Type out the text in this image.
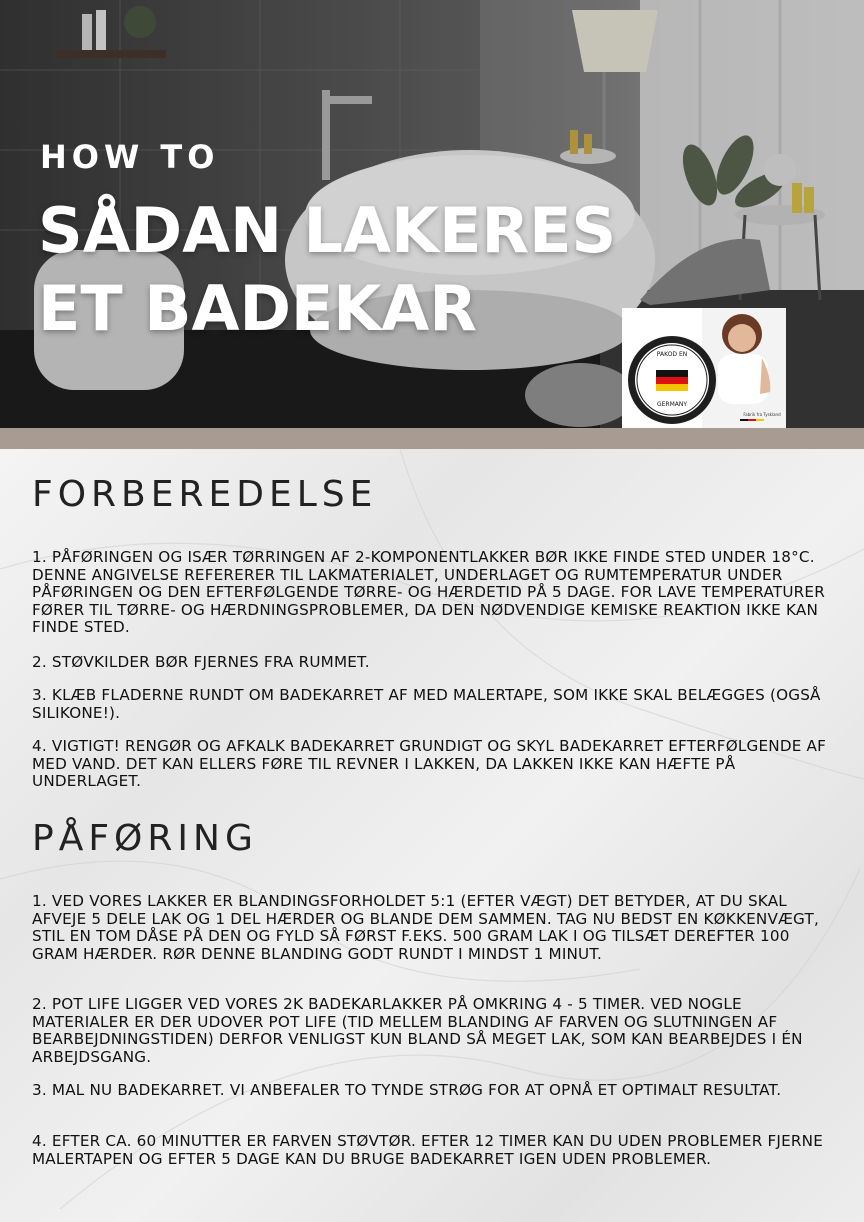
HOW TO
SÅDAN LAKERES
ET BADEKAR
PAKOD EN
GERMANY
Fabrik fra Tyskland
FORBEREDELSE

1. PÅFØRINGEN OG ISÆR TØRRINGEN AF 2-KOMPONENTLAKKER BØR IKKE FINDE STED UNDER 18°C. DENNE ANGIVELSE REFERERER TIL LAKMATERIALET, UNDERLAGET OG RUMTEMPERATUR UNDER PÅFØRINGEN OG DEN EFTERFØLGENDE TØRRE- OG HÆRDETID PÅ 5 DAGE. FOR LAVE TEMPERATURER FØRER TIL TØRRE- OG HÆRDNINGSPROBLEMER, DA DEN NØDVENDIGE KEMISKE REAKTION IKKE KAN FINDE STED.

2. STØVKILDER BØR FJERNES FRA RUMMET.

3. KLÆB FLADERNE RUNDT OM BADEKARRET AF MED MALERTAPE, SOM IKKE SKAL BELÆGGES (OGSÅ SILIKONE!).

4. VIGTIGT! RENGØR OG AFKALK BADEKARRET GRUNDIGT OG SKYL BADEKARRET EFTERFØLGENDE AF MED VAND. DET KAN ELLERS FØRE TIL REVNER I LAKKEN, DA LAKKEN IKKE KAN HÆFTE PÅ UNDERLAGET.

PÅFØRING

1. VED VORES LAKKER ER BLANDINGSFORHOLDET 5:1 (EFTER VÆGT) DET BETYDER, AT DU SKAL AFVEJE 5 DELE LAK OG 1 DEL HÆRDER OG BLANDE DEM SAMMEN. TAG NU BEDST EN KØKKENVÆGT, STIL EN TOM DÅSE PÅ DEN OG FYLD SÅ FØRST F.EKS. 500 GRAM LAK I OG TILSÆT DEREFTER 100 GRAM HÆRDER. RØR DENNE BLANDING GODT RUNDT I MINDST 1 MINUT.

2. POT LIFE LIGGER VED VORES 2K BADEKARLAKKER PÅ OMKRING 4 - 5 TIMER. VED NOGLE MATERIALER ER DER UDOVER POT LIFE (TID MELLEM BLANDING AF FARVEN OG SLUTNINGEN AF BEARBEJDNINGSTIDEN) DERFOR VENLIGST KUN BLAND SÅ MEGET LAK, SOM KAN BEARBEJDES I ÉN ARBEJDSGANG.

3. MAL NU BADEKARRET. VI ANBEFALER TO TYNDE STRØG FOR AT OPNÅ ET OPTIMALT RESULTAT.

4. EFTER CA. 60 MINUTTER ER FARVEN STØVTØR. EFTER 12 TIMER KAN DU UDEN PROBLEMER FJERNE MALERTAPEN OG EFTER 5 DAGE KAN DU BRUGE BADEKARRET IGEN UDEN PROBLEMER.
